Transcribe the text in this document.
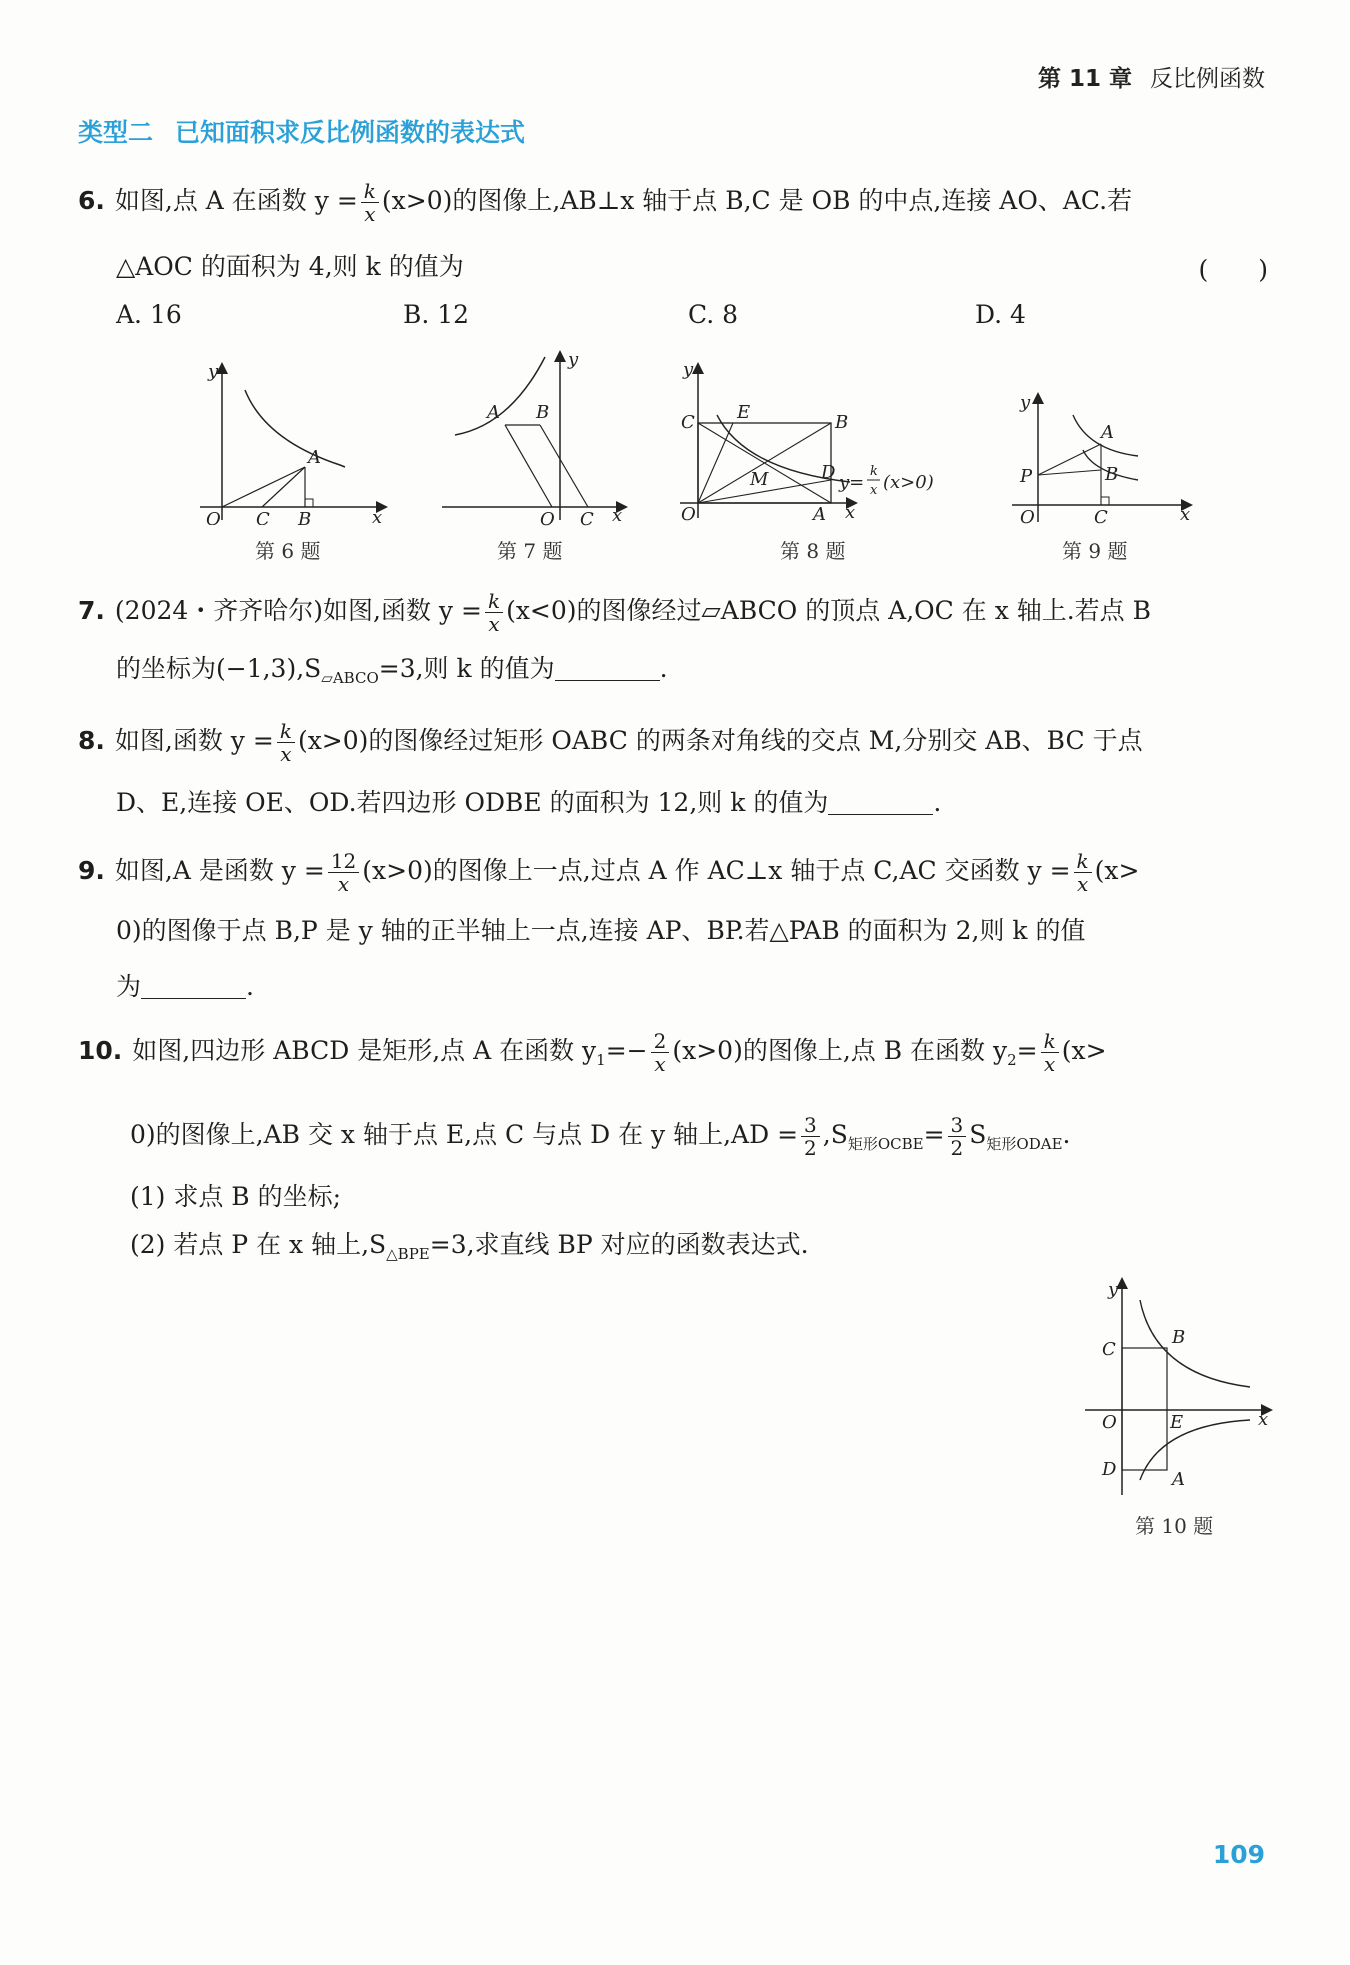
第 11 章 反比例函数
类型二 已知面积求反比例函数的表达式
6. 如图,点 A 在函数 $y = \frac{k}{x} (x>0)$的图像上,AB⊥x 轴于点 B,C 是 OB 的中点,连接 AO、AC.若
△AOC 的面积为 4,则 k 的值为	(　　)
A. 16	B. 12	C. 8	D. 4
y
x
O C B
A
第 6 题
y
x
O C
B
A
第 7 题
y
x
O
C E	B
M	D
A
y=
k
x (x>0)
第 8 题
y
x
O	C
B
A
P
第 9 题
7. (2024・齐齐哈尔)如图,函数 $y = \frac{k}{x} (x<0)$的图像经过▱ABCO 的顶点 A,OC 在 x 轴上.若点 B
的坐标为$(-1,3),S_{▱ABCO}=3$,则 k 的值为	.
8. 如图,函数 $y = \frac{k}{x} (x>0)$的图像经过矩形 OABC 的两条对角线的交点 M,分别交 AB、BC 于点
D、E,连接 OE、OD.若四边形 ODBE 的面积为 12,则 k 的值为	.
9. 如图,A 是函数 $y = \frac{12}{x} (x>0)$的图像上一点,过点 A 作 AC⊥x 轴于点 C,AC 交函数 $y = \frac{k}{x} (x>$
0)的图像于点 B,P 是 y 轴的正半轴上一点,连接 AP、BP.若△PAB 的面积为 2,则 k 的值
为	.
10. 如图,四边形 ABCD 是矩形,点 A 在函数 $y_1=- \frac{2}{x} (x>0)$的图像上,点 B 在函数 $y_2= \frac{k}{x} (x>$
0)的图像上,AB 交 x 轴于点 E,点 C 与点 D 在 y 轴上$,AD = \frac{3}{2} ,S_{矩形OCBE}= \frac{3}{2} S_{矩形ODAE}$.
(1) 求点 B 的坐标;
(2) 若点 P 在 x 轴上$,S_{\triangle BPE}=3$,求直线 BP 对应的函数表达式.
y
x
O
C
B
E
D	A
第 10 题
109
